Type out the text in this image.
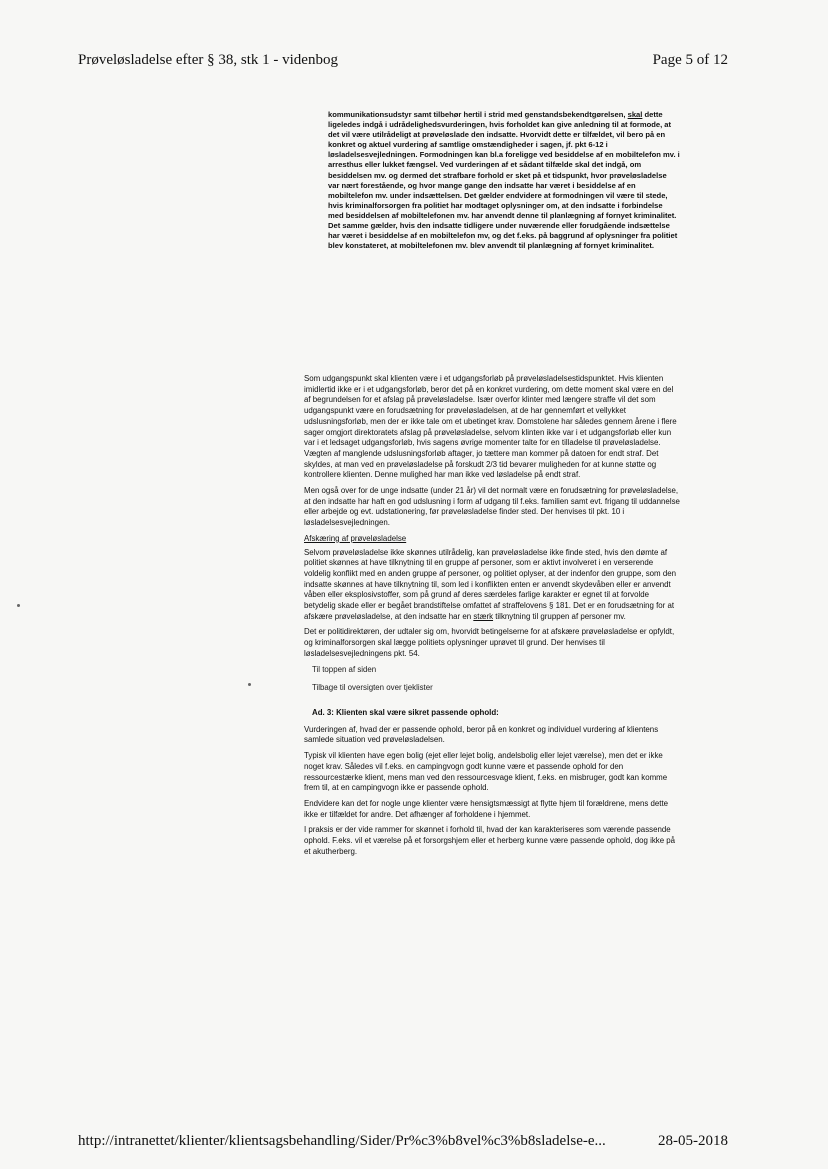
Prøveløsladelse efter § 38, stk 1 - videnbog	Page 5 of 12

kommunikationsudstyr samt tilbehør hertil i strid med genstandsbekendtgørelsen, skal dette ligeledes indgå i udrådelighedsvurderingen, hvis forholdet kan give anledning til at formode, at det vil være utilrådeligt at prøveløslade den indsatte. Hvorvidt dette er tilfældet, vil bero på en konkret og aktuel vurdering af samtlige omstændigheder i sagen, jf. pkt 6-12 i løsladelsesvejledningen. Formodningen kan bl.a foreligge ved besiddelse af en mobiltelefon mv. i arresthus eller lukket fængsel. Ved vurderingen af et sådant tilfælde skal det indgå, om besiddelsen mv. og dermed det strafbare forhold er sket på et tidspunkt, hvor prøveløsladelse var nært forestående, og hvor mange gange den indsatte har været i besiddelse af en mobiltelefon mv. under indsættelsen. Det gælder endvidere at formodningen vil være til stede, hvis kriminalforsorgen fra politiet har modtaget oplysninger om, at den indsatte i forbindelse med besiddelsen af mobiltelefonen mv. har anvendt denne til planlægning af fornyet kriminalitet. Det samme gælder, hvis den indsatte tidligere under nuværende eller forudgående indsættelse har været i besiddelse af en mobiltelefon mv, og det f.eks. på baggrund af oplysninger fra politiet blev konstateret, at mobiltelefonen mv. blev anvendt til planlægning af fornyet kriminalitet.

Som udgangspunkt skal klienten være i et udgangsforløb på prøveløsladelsestidspunktet. Hvis klienten imidlertid ikke er i et udgangsforløb, beror det på en konkret vurdering, om dette moment skal være en del af begrundelsen for et afslag på prøveløsladelse. Især overfor klinter med længere straffe vil det som udgangspunkt være en forudsætning for prøveløsladelsen, at de har gennemført et vellykket udslusningsforløb, men der er ikke tale om et ubetinget krav. Domstolene har således gennem årene i flere sager omgjort direktoratets afslag på prøveløsladelse, selvom klinten ikke var i et udgangsforløb eller kun var i et ledsaget udgangsforløb, hvis sagens øvrige momenter talte for en tilladelse til prøveløsladelse. Vægten af manglende udslusningsforløb aftager, jo tættere man kommer på datoen for endt straf. Det skyldes, at man ved en prøveløsladelse på forskudt 2/3 tid bevarer muligheden for at kunne støtte og kontrollere klienten. Denne mulighed har man ikke ved løsladelse på endt straf.

Men også over for de unge indsatte (under 21 år) vil det normalt være en forudsætning for prøveløsladelse, at den indsatte har haft en god udslusning i form af udgang til f.eks. familien samt evt. frigang til uddannelse eller arbejde og evt. udstationering, før prøveløsladelse finder sted. Der henvises til pkt. 10 i løsladelsesvejledningen.

Afskæring af prøveløsladelse

Selvom prøveløsladelse ikke skønnes utilrådelig, kan prøveløsladelse ikke finde sted, hvis den dømte af politiet skønnes at have tilknytning til en gruppe af personer, som er aktivt involveret i en verserende voldelig konflikt med en anden gruppe af personer, og politiet oplyser, at der indenfor den gruppe, som den indsatte skønnes at have tilknytning til, som led i konflikten enten er anvendt skydevåben eller er anvendt våben eller eksplosivstoffer, som på grund af deres særdeles farlige karakter er egnet til at forvolde betydelig skade eller er begået brandstiftelse omfattet af straffelovens § 181. Det er en forudsætning for at afskære prøveløsladelse, at den indsatte har en stærk tilknytning til gruppen af personer mv.

Det er politidirektøren, der udtaler sig om, hvorvidt betingelserne for at afskære prøveløsladelse er opfyldt, og kriminalforsorgen skal lægge politiets oplysninger uprøvet til grund. Der henvises til løsladelsesvejledningens pkt. 54.

Til toppen af siden

Tilbage til oversigten over tjeklister

Ad. 3: Klienten skal være sikret passende ophold:

Vurderingen af, hvad der er passende ophold, beror på en konkret og individuel vurdering af klientens samlede situation ved prøveløsladelsen.

Typisk vil klienten have egen bolig (ejet eller lejet bolig, andelsbolig eller lejet værelse), men det er ikke noget krav. Således vil f.eks. en campingvogn godt kunne være et passende ophold for den ressourcestærke klient, mens man ved den ressourcesvage klient, f.eks. en misbruger, godt kan komme frem til, at en campingvogn ikke er passende ophold.

Endvidere kan det for nogle unge klienter være hensigtsmæssigt at flytte hjem til forældrene, mens dette ikke er tilfældet for andre. Det afhænger af forholdene i hjemmet.

I praksis er der vide rammer for skønnet i forhold til, hvad der kan karakteriseres som værende passende ophold. F.eks. vil et værelse på et forsorgshjem eller et herberg kunne være passende ophold, dog ikke på et akutherberg.

http://intranettet/klienter/klientsagsbehandling/Sider/Pr%c3%b8vel%c3%b8sladelse-e...	28-05-2018
